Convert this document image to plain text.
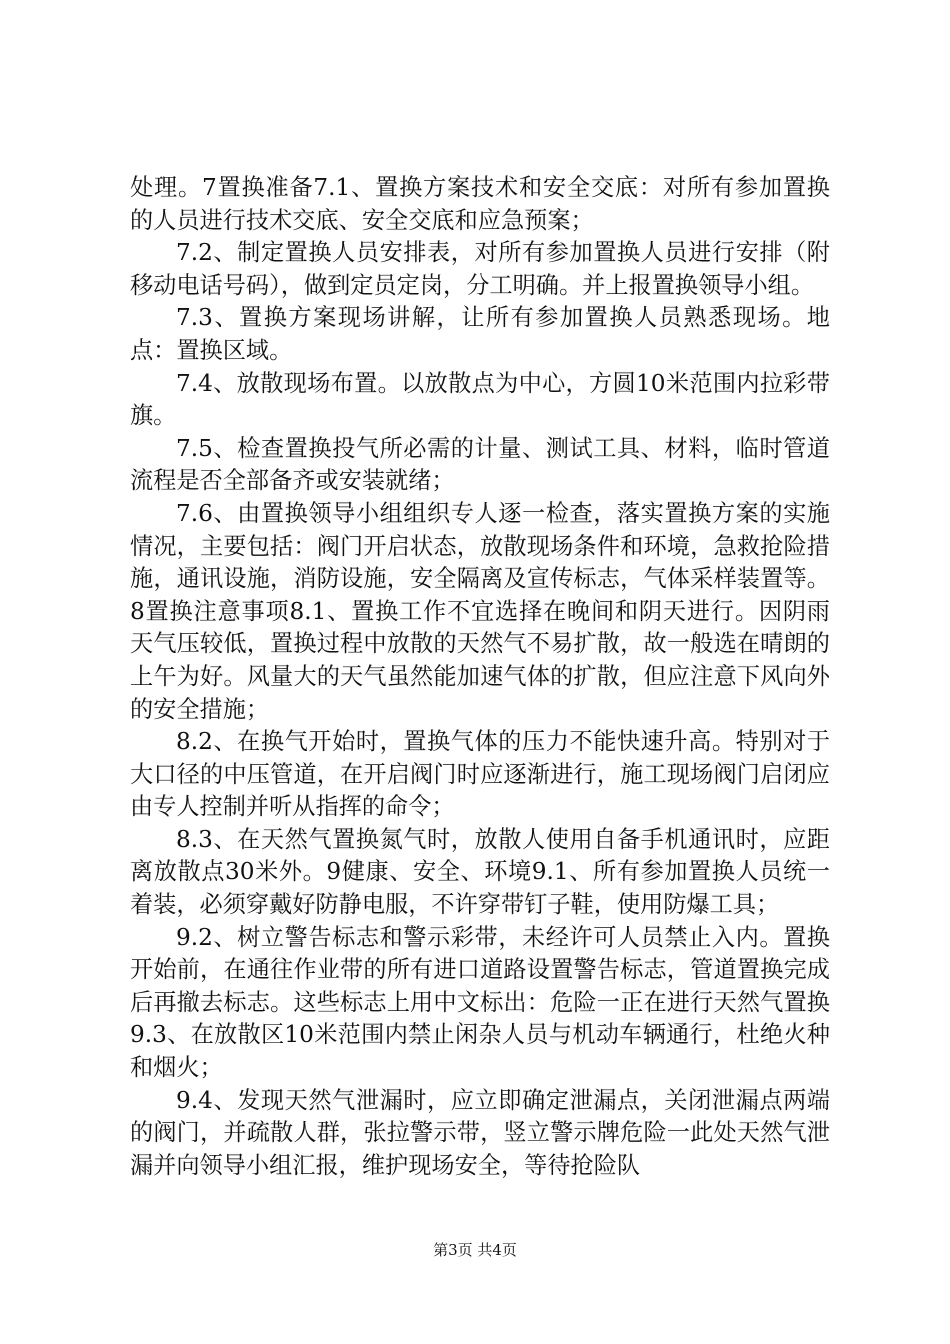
处理。7置换准备7.1、置换方案技术和安全交底：对所有参加置换的人员进行技术交底、安全交底和应急预案；

7.2、制定置换人员安排表，对所有参加置换人员进行安排（附移动电话号码），做到定员定岗，分工明确。并上报置换领导小组。

7.3、置换方案现场讲解，让所有参加置换人员熟悉现场。地点：置换区域。

7.4、放散现场布置。以放散点为中心，方圆10米范围内拉彩带旗。

7.5、检查置换投气所必需的计量、测试工具、材料，临时管道流程是否全部备齐或安装就绪；

7.6、由置换领导小组组织专人逐一检查，落实置换方案的实施情况，主要包括：阀门开启状态，放散现场条件和环境，急救抢险措施，通讯设施，消防设施，安全隔离及宣传标志，气体采样装置等。8置换注意事项8.1、置换工作不宜选择在晚间和阴天进行。因阴雨天气压较低，置换过程中放散的天然气不易扩散，故一般选在晴朗的上午为好。风量大的天气虽然能加速气体的扩散，但应注意下风向外的安全措施；

8.2、在换气开始时，置换气体的压力不能快速升高。特别对于大口径的中压管道，在开启阀门时应逐渐进行，施工现场阀门启闭应由专人控制并听从指挥的命令；

8.3、在天然气置换氮气时，放散人使用自备手机通讯时，应距离放散点30米外。9健康、安全、环境9.1、所有参加置换人员统一着装，必须穿戴好防静电服，不许穿带钉子鞋，使用防爆工具；

9.2、树立警告标志和警示彩带，未经许可人员禁止入内。置换开始前，在通往作业带的所有进口道路设置警告标志，管道置换完成后再撤去标志。这些标志上用中文标出：危险一正在进行天然气置换9.3、在放散区10米范围内禁止闲杂人员与机动车辆通行，杜绝火种和烟火；

9.4、发现天然气泄漏时，应立即确定泄漏点，关闭泄漏点两端的阀门，并疏散人群，张拉警示带，竖立警示牌危险一此处天然气泄漏并向领导小组汇报，维护现场安全，等待抢险队

第3页 共4页
